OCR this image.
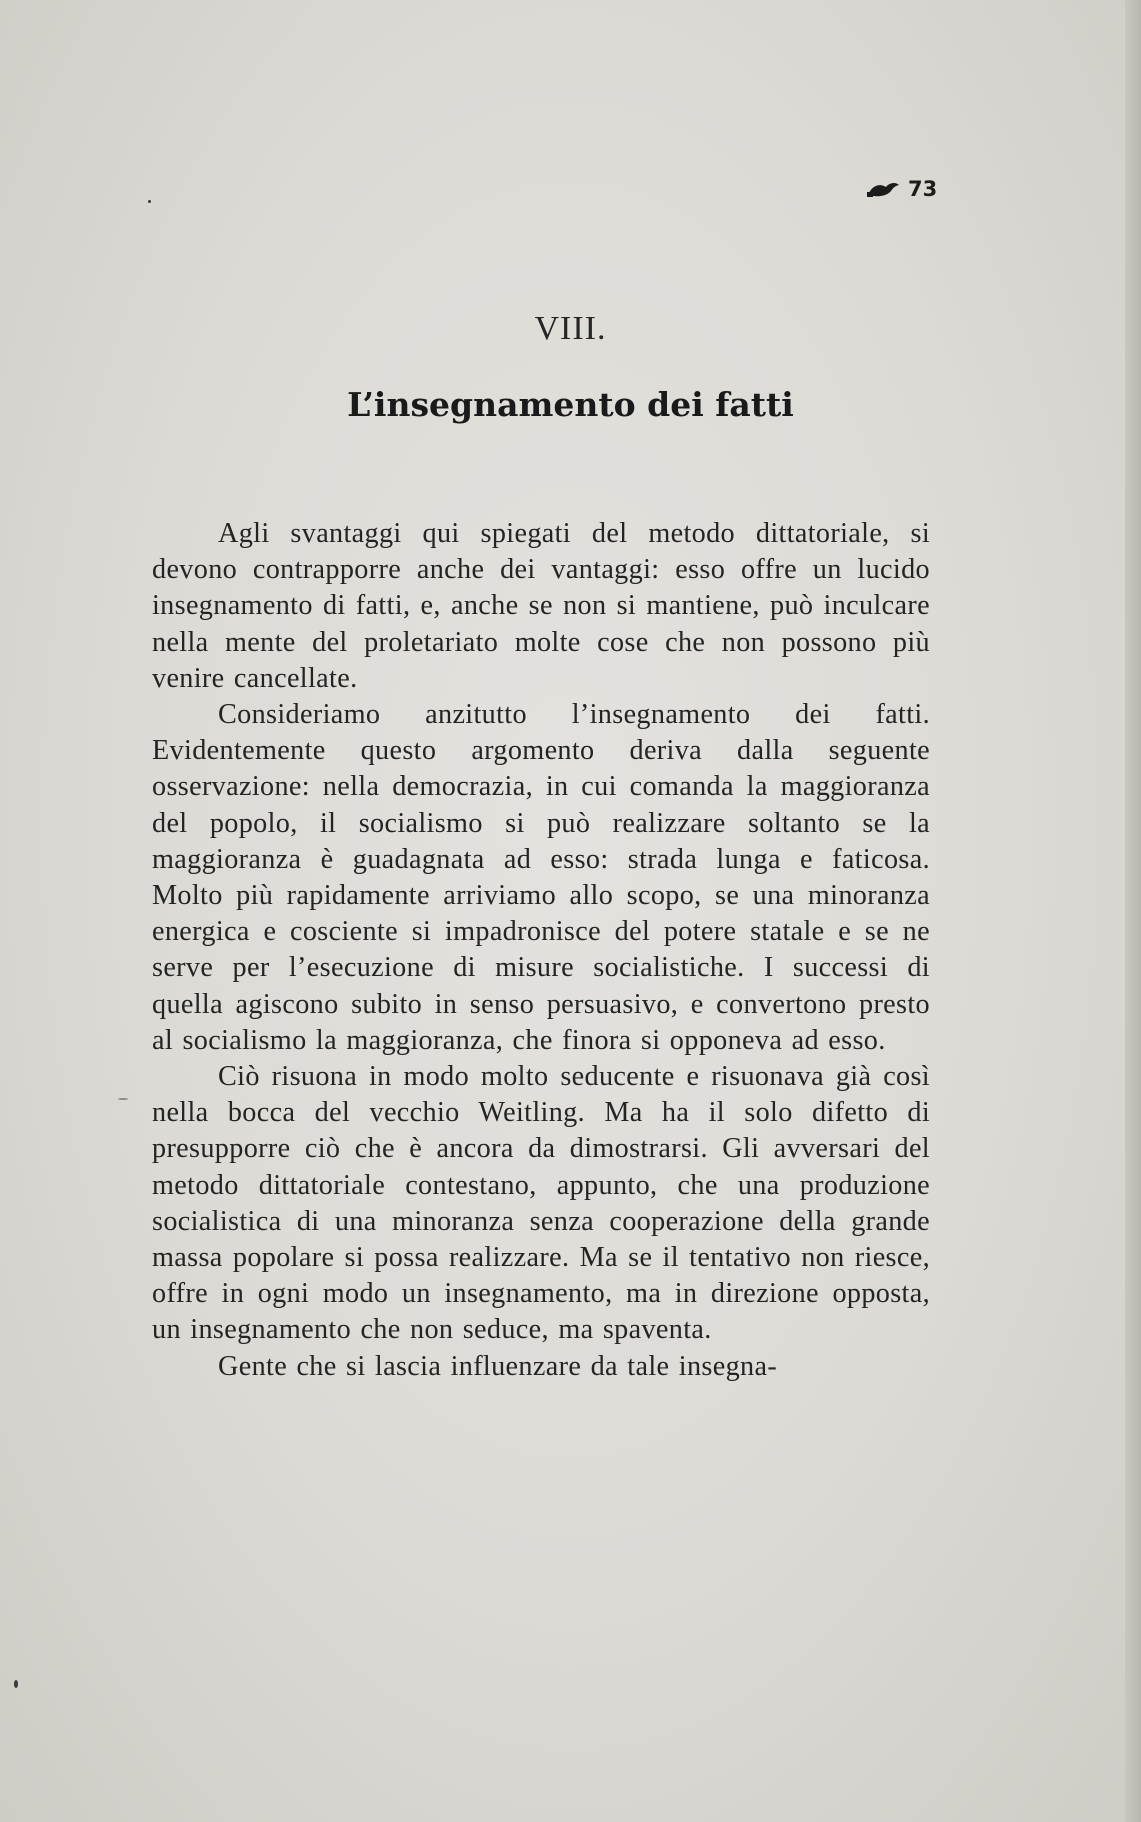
73
VIII.
L’insegnamento dei fatti

Agli svantaggi qui spiegati del metodo dittatoriale, si devono contrapporre anche dei vantaggi: esso offre un lucido insegnamento di fatti, e, anche se non si mantiene, può inculcare nella mente del proletariato molte cose che non possono più venire cancellate.

Consideriamo anzitutto l’insegnamento dei fatti. Evidentemente questo argomento deriva dalla seguente osservazione: nella democrazia, in cui comanda la maggioranza del popolo, il socialismo si può realizzare soltanto se la maggioranza è guadagnata ad esso: strada lunga e faticosa. Molto più rapidamente arriviamo allo scopo, se una minoranza energica e cosciente si impadronisce del potere statale e se ne serve per l’esecuzione di misure socialistiche. I successi di quella agiscono subito in senso persuasivo, e convertono presto al socialismo la maggioranza, che finora si opponeva ad esso.

Ciò risuona in modo molto seducente e risuonava già così nella bocca del vecchio Weitling. Ma ha il solo difetto di presupporre ciò che è ancora da dimostrarsi. Gli avversari del metodo dittatoriale contestano, appunto, che una produzione socialistica di una minoranza senza cooperazione della grande massa popolare si possa realizzare. Ma se il tentativo non riesce, offre in ogni modo un insegnamento, ma in direzione opposta, un insegnamento che non seduce, ma spaventa.

Gente che si lascia influenzare da tale insegna-
